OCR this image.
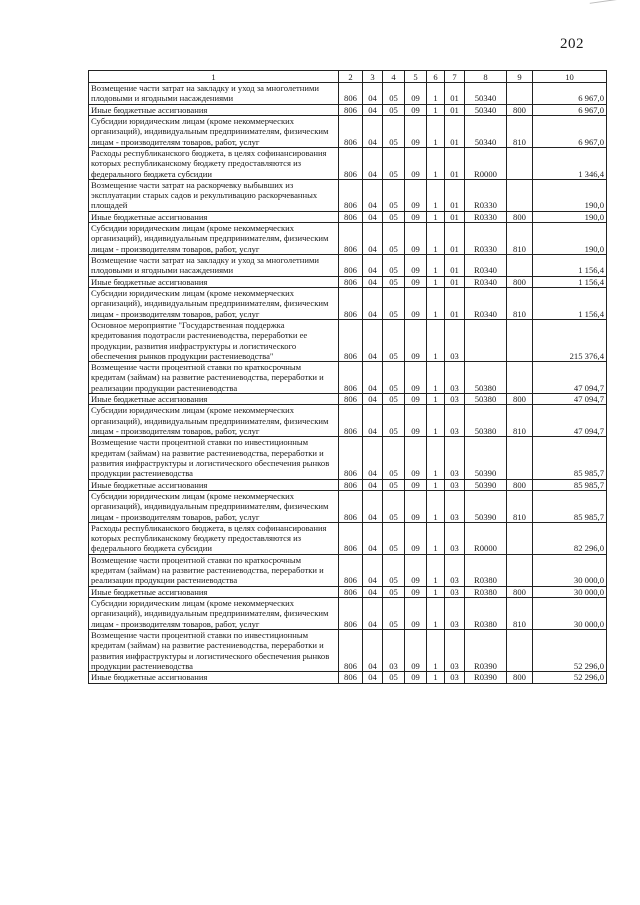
202
1	2	3	4	5	6	7	8	9	10
Возмещение части затрат на закладку и уход за многолетними плодовыми и ягодными насаждениями	806	04	05	09	1	01	50340		6 967,0
Иные бюджетные ассигнования	806	04	05	09	1	01	50340	800	6 967,0
Субсидии юридическим лицам (кроме некоммерческих организаций), индивидуальным предпринимателям, физическим лицам - производителям товаров, работ, услуг	806	04	05	09	1	01	50340	810	6 967,0
Расходы республиканского бюджета, в целях софинансирования которых республиканскому бюджету предоставляются из федерального бюджета субсидии	806	04	05	09	1	01	R0000		1 346,4
Возмещение части затрат на раскорчевку выбывших из эксплуатации старых садов и рекультивацию раскорчеванных площадей	806	04	05	09	1	01	R0330		190,0
Иные бюджетные ассигнования	806	04	05	09	1	01	R0330	800	190,0
Субсидии юридическим лицам (кроме некоммерческих организаций), индивидуальным предпринимателям, физическим лицам - производителям товаров, работ, услуг	806	04	05	09	1	01	R0330	810	190,0
Возмещение части затрат на закладку и уход за многолетними плодовыми и ягодными насаждениями	806	04	05	09	1	01	R0340		1 156,4
Иные бюджетные ассигнования	806	04	05	09	1	01	R0340	800	1 156,4
Субсидии юридическим лицам (кроме некоммерческих организаций), индивидуальным предпринимателям, физическим лицам - производителям товаров, работ, услуг	806	04	05	09	1	01	R0340	810	1 156,4
Основное мероприятие "Государственная поддержка кредитования подотрасли растениеводства, переработки ее продукции, развития инфраструктуры и логистического обеспечения рынков продукции растениеводства"	806	04	05	09	1	03			215 376,4
Возмещение части процентной ставки по краткосрочным кредитам (займам) на развитие растениеводства, переработки и реализации продукции растениеводства	806	04	05	09	1	03	50380		47 094,7
Иные бюджетные ассигнования	806	04	05	09	1	03	50380	800	47 094,7
Субсидии юридическим лицам (кроме некоммерческих организаций), индивидуальным предпринимателям, физическим лицам - производителям товаров, работ, услуг	806	04	05	09	1	03	50380	810	47 094,7
Возмещение части процентной ставки по инвестиционным кредитам (займам) на развитие растениеводства, переработки и развития инфраструктуры и логистического обеспечения рынков продукции растениеводства	806	04	05	09	1	03	50390		85 985,7
Иные бюджетные ассигнования	806	04	05	09	1	03	50390	800	85 985,7
Субсидии юридическим лицам (кроме некоммерческих организаций), индивидуальным предпринимателям, физическим лицам - производителям товаров, работ, услуг	806	04	05	09	1	03	50390	810	85 985,7
Расходы республиканского бюджета, в целях софинансирования которых республиканскому бюджету предоставляются из федерального бюджета субсидии	806	04	05	09	1	03	R0000		82 296,0
Возмещение части процентной ставки по краткосрочным кредитам (займам) на развитие растениеводства, переработки и реализации продукции растениеводства	806	04	05	09	1	03	R0380		30 000,0
Иные бюджетные ассигнования	806	04	05	09	1	03	R0380	800	30 000,0
Субсидии юридическим лицам (кроме некоммерческих организаций), индивидуальным предпринимателям, физическим лицам - производителям товаров, работ, услуг	806	04	05	09	1	03	R0380	810	30 000,0
Возмещение части процентной ставки по инвестиционным кредитам (займам) на развитие растениеводства, переработки и развития инфраструктуры и логистического обеспечения рынков продукции растениеводства	806	04	03	09	1	03	R0390		52 296,0
Иные бюджетные ассигнования	806	04	05	09	1	03	R0390	800	52 296,0
